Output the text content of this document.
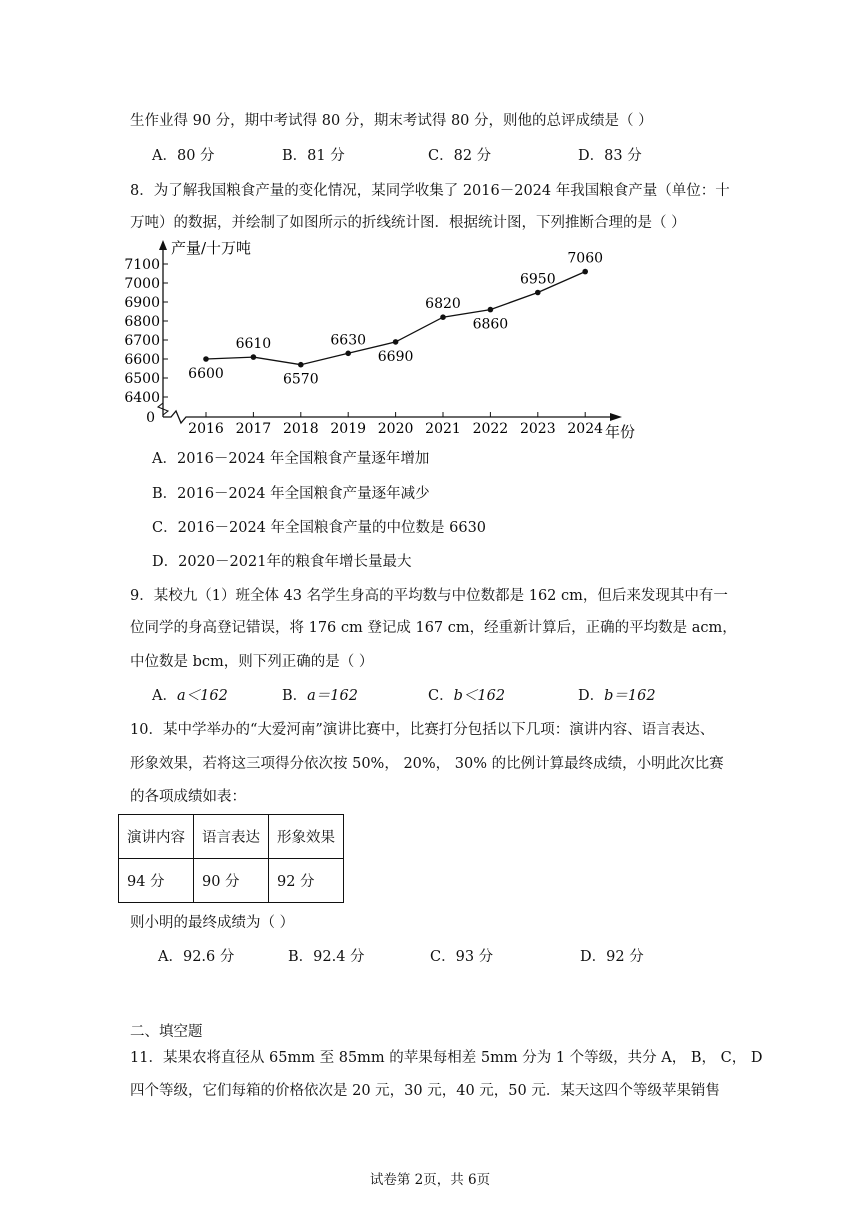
生作业得 90 分，期中考试得 80 分，期末考试得 80 分，则他的总评成绩是（ ）
A．80 分	B．81 分	C．82 分	D．83 分
8．为了解我国粮食产量的变化情况，某同学收集了 2016－2024 年我国粮食产量（单位：十
万吨）的数据，并绘制了如图所示的折线统计图．根据统计图，下列推断合理的是（ ）
产量/十万吨
年份
0
6400
6500
6600
6700
6800
6900
7000
7100
2016 2017 2018 2019 2020 2021 2022 2023 2024
6600
6610
6570
6630
6690
6820
6860
6950
7060
A．2016－2024 年全国粮食产量逐年增加
B．2016－2024 年全国粮食产量逐年减少
C．2016－2024 年全国粮食产量的中位数是 6630
D．2020－2021年的粮食年增长量最大
9．某校九（1）班全体 43 名学生身高的平均数与中位数都是 162 cm，但后来发现其中有一
位同学的身高登记错误，将 176 cm 登记成 167 cm，经重新计算后，正确的平均数是 acm，
中位数是 bcm，则下列正确的是（ ）
A．a＜162	B．a＝162	C．b＜162	D．b＝162
10．某中学举办的“大爱河南”演讲比赛中，比赛打分包括以下几项：演讲内容、语言表达、
形象效果，若将这三项得分依次按 50%， 20%， 30% 的比例计算最终成绩，小明此次比赛
的各项成绩如表：
演讲内容	语言表达	形象效果
94 分	90 分	92 分
则小明的最终成绩为（ ）
A．92.6 分	B．92.4 分	C．93 分	D．92 分
二、填空题
11．某果农将直径从 65mm 至 85mm 的苹果每相差 5mm 分为 1 个等级，共分 A， B， C， D
四个等级，它们每箱的价格依次是 20 元，30 元，40 元，50 元．某天这四个等级苹果销售
试卷第 2页，共 6页
